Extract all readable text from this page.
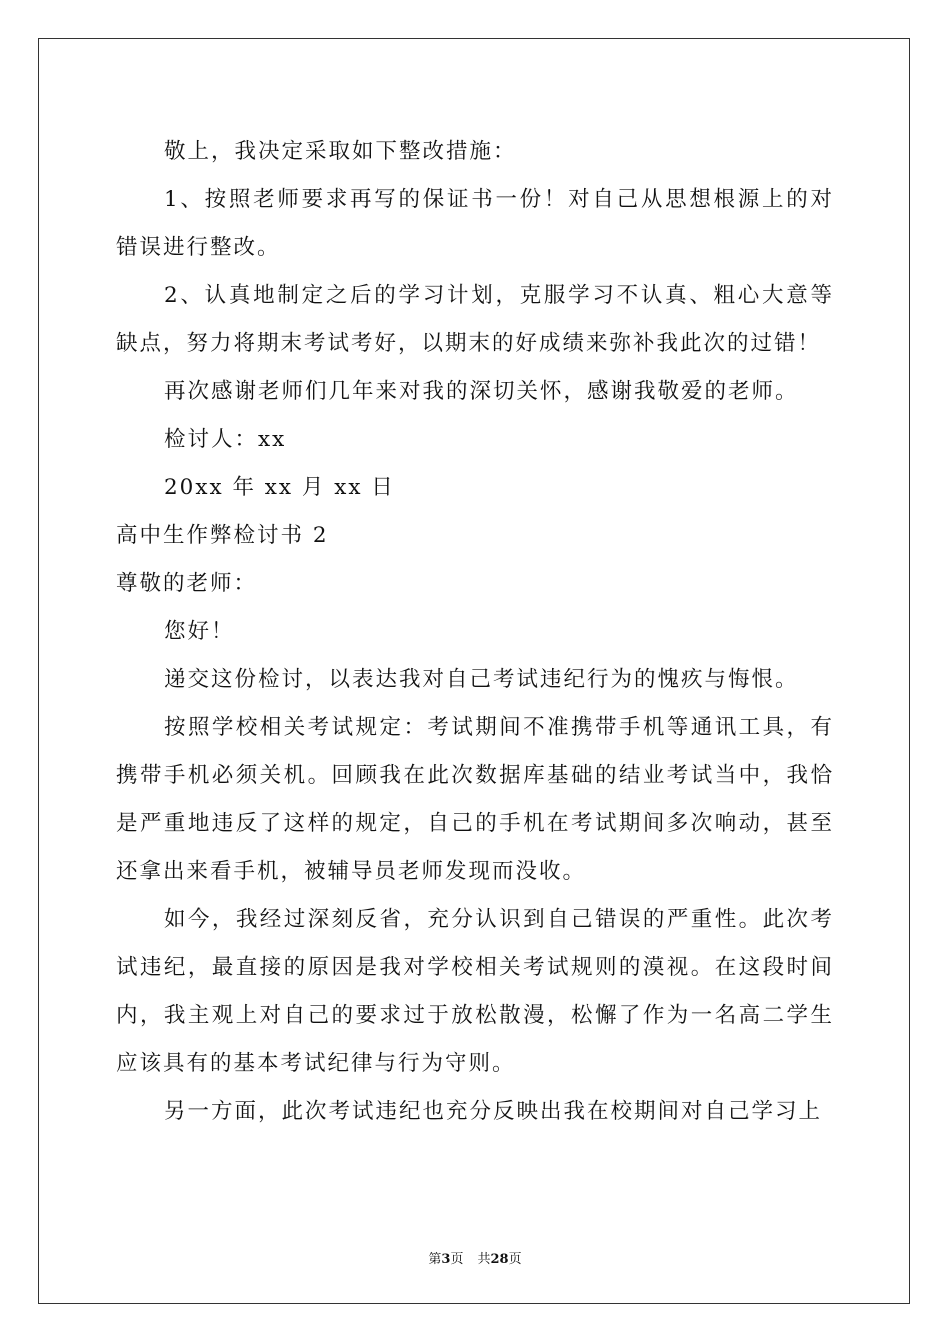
敬上，我决定采取如下整改措施：

1、按照老师要求再写的保证书一份！对自己从思想根源上的对错误进行整改。

2、认真地制定之后的学习计划，克服学习不认真、粗心大意等缺点，努力将期末考试考好，以期末的好成绩来弥补我此次的过错！

再次感谢老师们几年来对我的深切关怀，感谢我敬爱的老师。

检讨人：xx

20xx 年 xx 月 xx 日

高中生作弊检讨书 2

尊敬的老师：

您好！

递交这份检讨，以表达我对自己考试违纪行为的愧疚与悔恨。

按照学校相关考试规定：考试期间不准携带手机等通讯工具，有携带手机必须关机。回顾我在此次数据库基础的结业考试当中，我恰是严重地违反了这样的规定，自己的手机在考试期间多次响动，甚至还拿出来看手机，被辅导员老师发现而没收。

如今，我经过深刻反省，充分认识到自己错误的严重性。此次考试违纪，最直接的原因是我对学校相关考试规则的漠视。在这段时间内，我主观上对自己的要求过于放松散漫，松懈了作为一名高二学生应该具有的基本考试纪律与行为守则。

另一方面，此次考试违纪也充分反映出我在校期间对自己学习上

第3页 共28页
